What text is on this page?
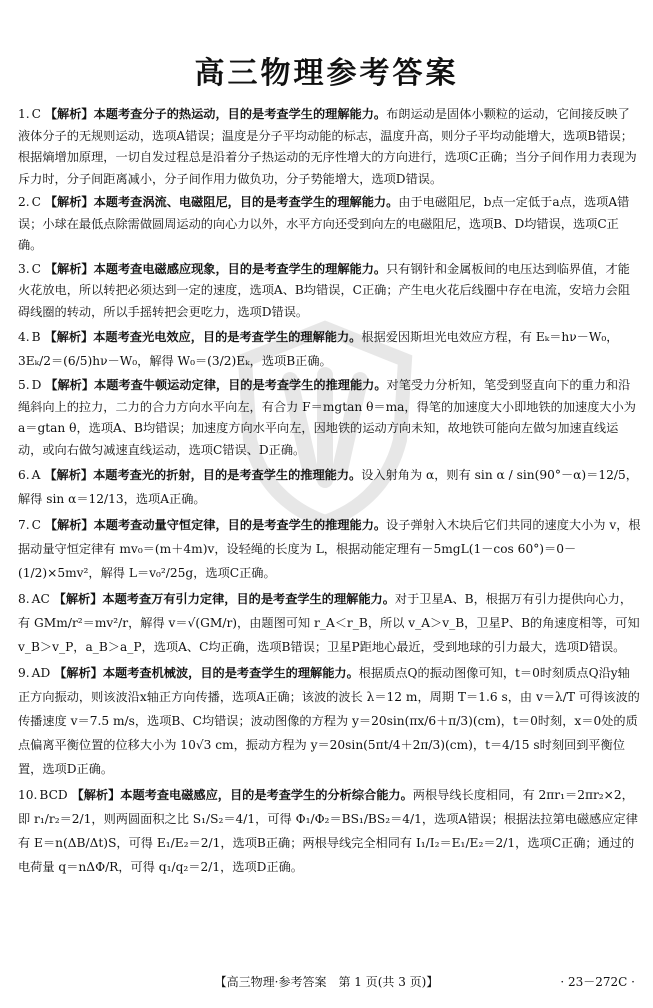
高三物理参考答案
1. C 【解析】本题考查分子的热运动，目的是考查学生的理解能力。布朗运动是固体小颗粒的运动，它间接反映了液体分子的无规则运动，选项A错误；温度是分子平均动能的标志，温度升高，则分子平均动能增大，选项B错误；根据熵增加原理，一切自发过程总是沿着分子热运动的无序性增大的方向进行，选项C正确；当分子间作用力表现为斥力时，分子间距离减小，分子间作用力做负功，分子势能增大，选项D错误。
2. C 【解析】本题考查涡流、电磁阻尼，目的是考查学生的理解能力。由于电磁阻尼，b点一定低于a点，选项A错误；小球在最低点除需做圆周运动的向心力以外，水平方向还受到向左的电磁阻尼，选项B、D均错误，选项C正确。
3. C 【解析】本题考查电磁感应现象，目的是考查学生的理解能力。只有钢针和金属板间的电压达到临界值，才能火花放电，所以转把必须达到一定的速度，选项A、B均错误，C正确；产生电火花后线圈中存在电流，安培力会阻碍线圈的转动，所以手摇转把会更吃力，选项D错误。
4. B 【解析】本题考查光电效应，目的是考查学生的理解能力。根据爱因斯坦光电效应方程，有 Eₖ＝hν－W₀，3Eₖ/2＝(6/5)hν－W₀，解得 W₀＝(3/2)Eₖ，选项B正确。
5. D 【解析】本题考查牛顿运动定律，目的是考查学生的推理能力。对笔受力分析知，笔受到竖直向下的重力和沿绳斜向上的拉力，二力的合力方向水平向左，有合力 F＝mgtan θ＝ma，得笔的加速度大小即地铁的加速度大小为 a＝gtan θ，选项A、B均错误；加速度方向水平向左，因地铁的运动方向未知，故地铁可能向左做匀加速直线运动，或向右做匀减速直线运动，选项C错误、D正确。
6. A 【解析】本题考查光的折射，目的是考查学生的推理能力。设入射角为 α，则有 sin α / sin(90°－α)＝12/5，解得 sin α＝12/13，选项A正确。
7. C 【解析】本题考查动量守恒定律，目的是考查学生的推理能力。设子弹射入木块后它们共同的速度大小为 v，根据动量守恒定律有 mv₀＝(m＋4m)v，设轻绳的长度为 L，根据动能定理有－5mgL(1－cos 60°)＝0－(1/2)×5mv²，解得 L＝v₀²/25g，选项C正确。
8. AC 【解析】本题考查万有引力定律，目的是考查学生的理解能力。对于卫星A、B，根据万有引力提供向心力，有 GMm/r²＝mv²/r，解得 v＝√(GM/r)，由题图可知 r_A＜r_B，所以 v_A＞v_B，卫星P、B的角速度相等，可知 v_B＞v_P，a_B＞a_P，选项A、C均正确，选项B错误；卫星P距地心最近，受到地球的引力最大，选项D错误。
9. AD 【解析】本题考查机械波，目的是考查学生的理解能力。根据质点Q的振动图像可知，t＝0时刻质点Q沿y轴正方向振动，则该波沿x轴正方向传播，选项A正确；该波的波长 λ＝12 m，周期 T＝1.6 s，由 v＝λ/T 可得该波的传播速度 v＝7.5 m/s，选项B、C均错误；波动图像的方程为 y＝20sin(πx/6＋π/3)(cm)，t＝0时刻，x＝0处的质点偏离平衡位置的位移大小为 10√3 cm，振动方程为 y＝20sin(5πt/4＋2π/3)(cm)，t＝4/15 s时刻回到平衡位置，选项D正确。
10. BCD 【解析】本题考查电磁感应，目的是考查学生的分析综合能力。两根导线长度相同，有 2πr₁＝2πr₂×2，即 r₁/r₂＝2/1，则两圆面积之比 S₁/S₂＝4/1，可得 Φ₁/Φ₂＝BS₁/BS₂＝4/1，选项A错误；根据法拉第电磁感应定律有 E＝n(ΔB/Δt)S，可得 E₁/E₂＝2/1，选项B正确；两根导线完全相同有 I₁/I₂＝E₁/E₂＝2/1，选项C正确；通过的电荷量 q＝nΔΦ/R，可得 q₁/q₂＝2/1，选项D正确。
【高三物理·参考答案　第 1 页(共 3 页)】	· 23－272C ·
